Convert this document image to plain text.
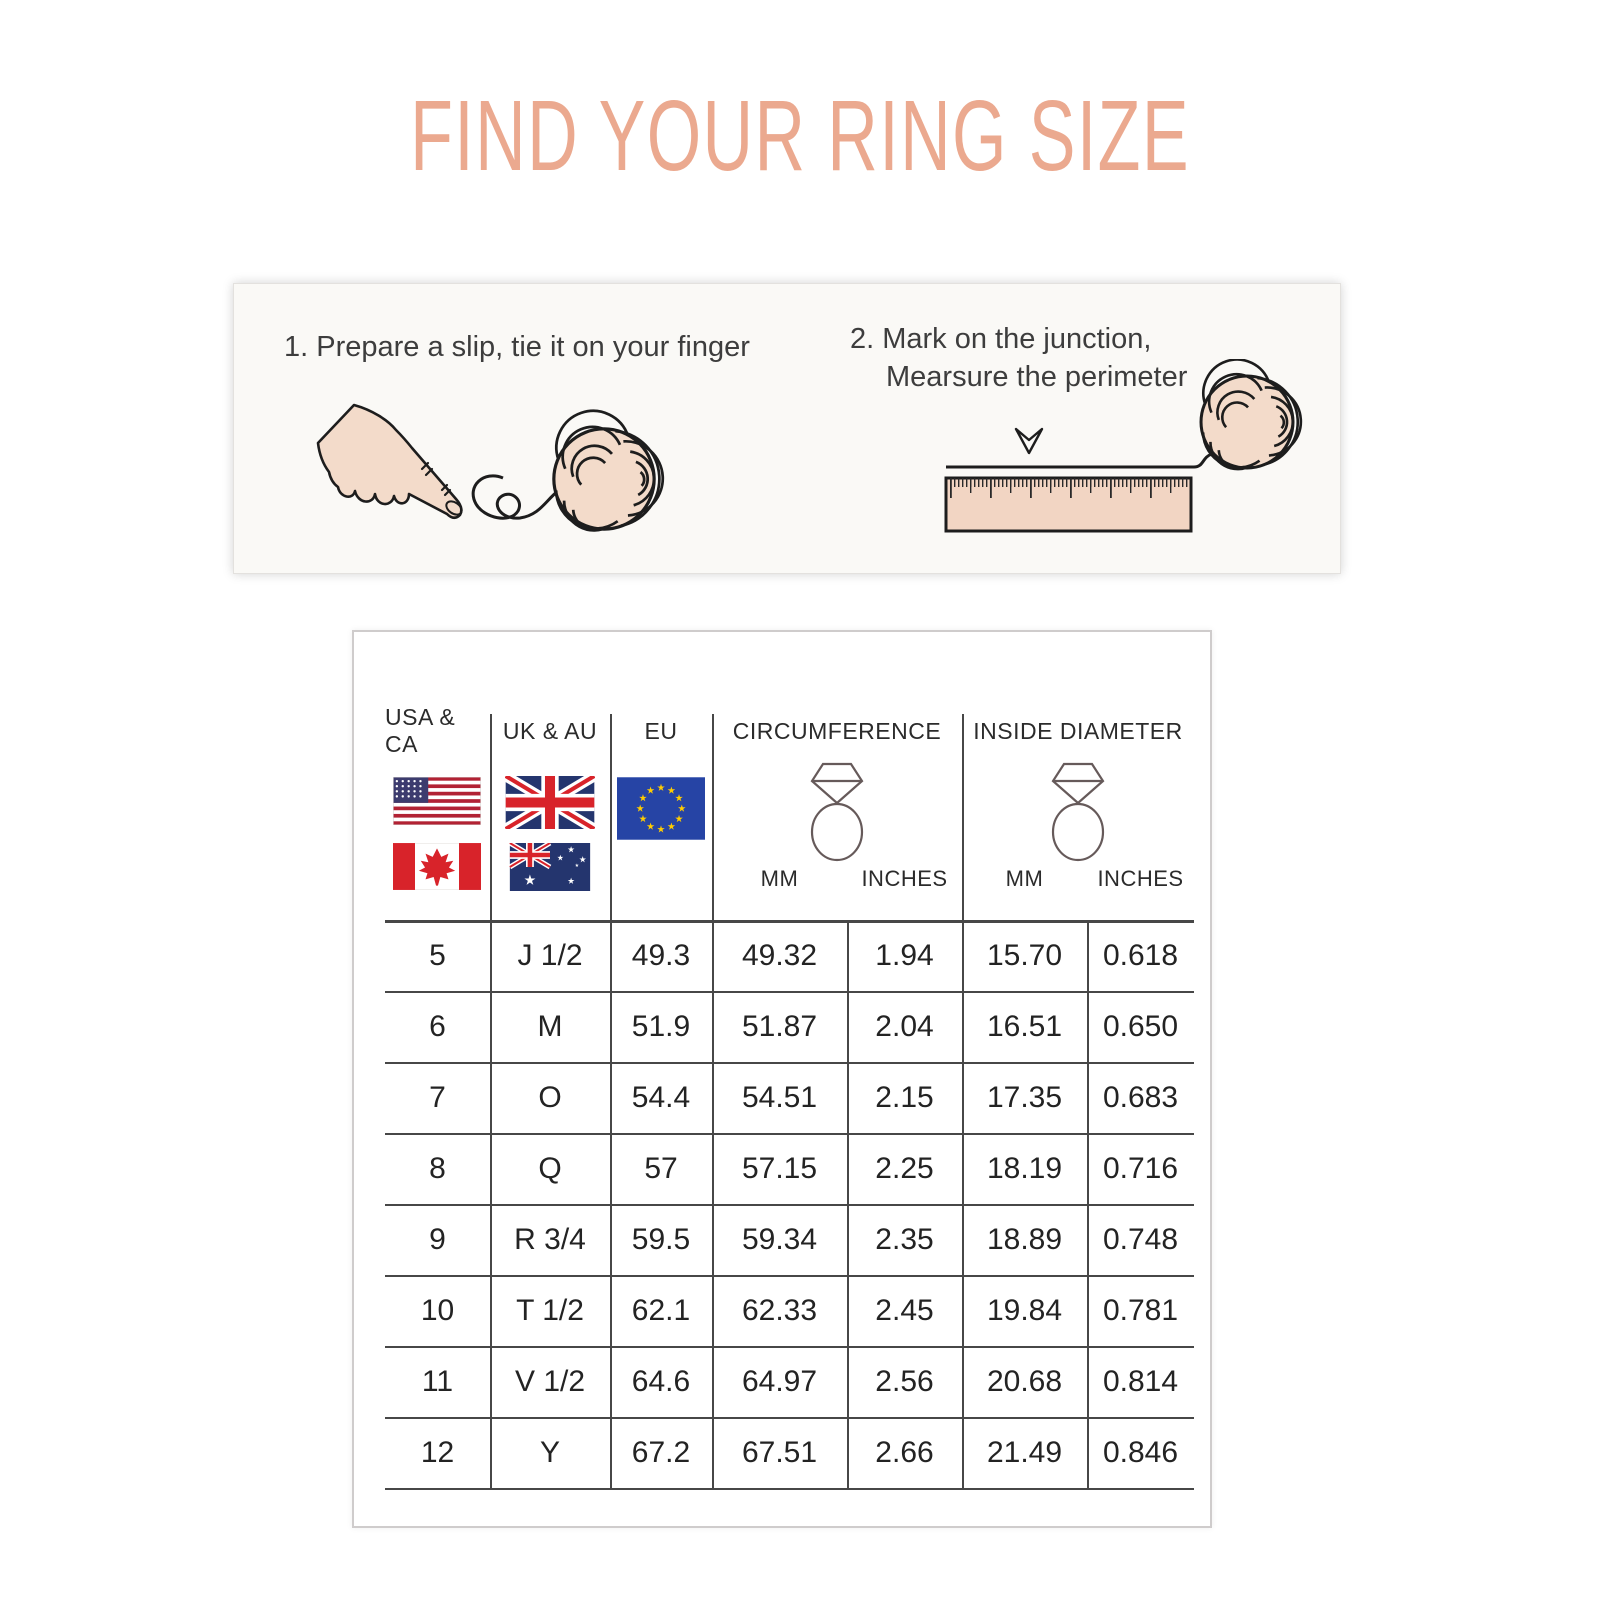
FIND YOUR RING SIZE
1. Prepare a slip, tie it on your finger	2. Mark on the junction,
Mearsure the perimeter
USA & CA
UK & AU	EU	CIRCUMFERENCE	INSIDE DIAMETER
MM	INCHES	MM	INCHES
5	J 1/2	49.3	49.32	1.94	15.70	0.618
6	M	51.9	51.87	2.04	16.51	0.650
7	O	54.4	54.51	2.15	17.35	0.683
8	Q	57	57.15	2.25	18.19	0.716
9	R 3/4	59.5	59.34	2.35	18.89	0.748
10	T 1/2	62.1	62.33	2.45	19.84	0.781
11	V 1/2	64.6	64.97	2.56	20.68	0.814
12	Y	67.2	67.51	2.66	21.49	0.846
